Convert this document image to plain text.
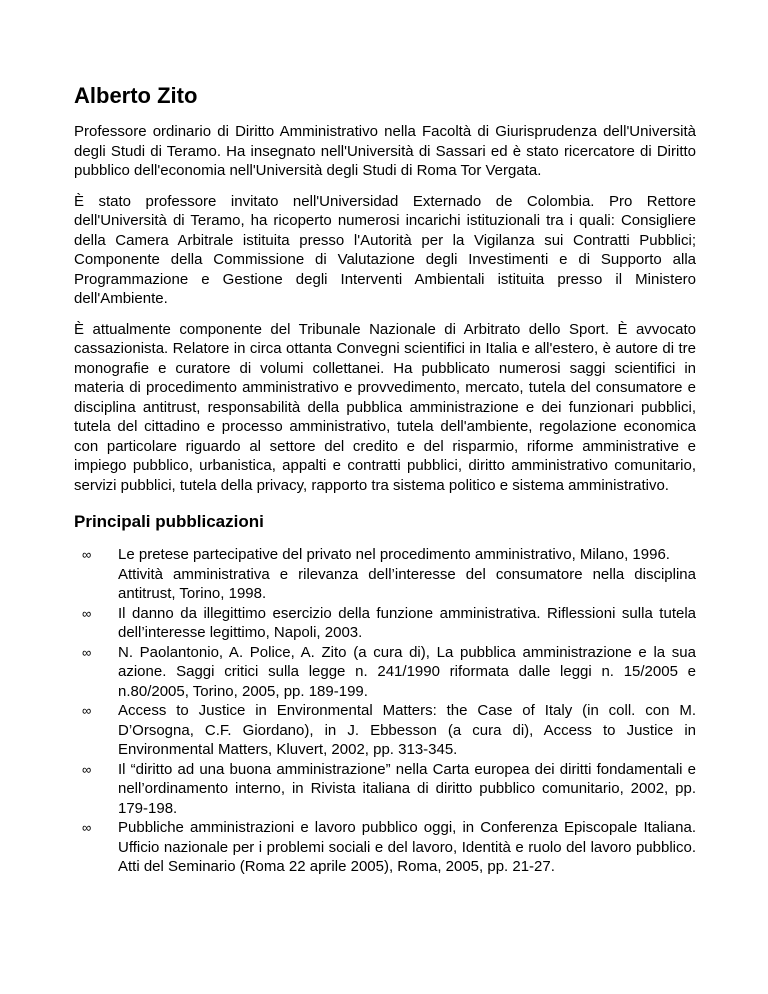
Alberto Zito

Professore ordinario di Diritto Amministrativo nella Facoltà di Giurisprudenza dell'Università degli Studi di Teramo. Ha insegnato nell'Università di Sassari ed è stato ricercatore di Diritto pubblico dell'economia nell'Università degli Studi di Roma Tor Vergata.

È stato professore invitato nell'Universidad Externado de Colombia. Pro Rettore dell'Università di Teramo, ha ricoperto numerosi incarichi istituzionali tra i quali: Consigliere della Camera Arbitrale istituita presso l'Autorità per la Vigilanza sui Contratti Pubblici; Componente della Commissione di Valutazione degli Investimenti e di Supporto alla Programmazione e Gestione degli Interventi Ambientali istituita presso il Ministero dell'Ambiente.

È attualmente componente del Tribunale Nazionale di Arbitrato dello Sport. È avvocato cassazionista. Relatore in circa ottanta Convegni scientifici in Italia e all'estero, è autore di tre monografie e curatore di volumi collettanei. Ha pubblicato numerosi saggi scientifici in materia di procedimento amministrativo e provvedimento, mercato, tutela del consumatore e disciplina antitrust, responsabilità della pubblica amministrazione e dei funzionari pubblici, tutela del cittadino e processo amministrativo, tutela dell'ambiente, regolazione economica con particolare riguardo al settore del credito e del risparmio, riforme amministrative e impiego pubblico, urbanistica, appalti e contratti pubblici, diritto amministrativo comunitario, servizi pubblici, tutela della privacy, rapporto tra sistema politico e sistema amministrativo.

Principali pubblicazioni
∞ Le pretese partecipative del privato nel procedimento amministrativo, Milano, 1996.
Attività amministrativa e rilevanza dell’interesse del consumatore nella disciplina antitrust, Torino, 1998.
∞ Il danno da illegittimo esercizio della funzione amministrativa. Riflessioni sulla tutela dell’interesse legittimo, Napoli, 2003.
∞ N. Paolantonio, A. Police, A. Zito (a cura di), La pubblica amministrazione e la sua azione. Saggi critici sulla legge n. 241/1990 riformata dalle leggi n. 15/2005 e n.80/2005, Torino, 2005, pp. 189-199.
∞ Access to Justice in Environmental Matters: the Case of Italy (in coll. con M. D’Orsogna, C.F. Giordano), in J. Ebbesson (a cura di), Access to Justice in Environmental Matters, Kluvert, 2002, pp. 313-345.
∞ Il “diritto ad una buona amministrazione” nella Carta europea dei diritti fondamentali e nell’ordinamento interno, in Rivista italiana di diritto pubblico comunitario, 2002, pp. 179-198.
∞ Pubbliche amministrazioni e lavoro pubblico oggi, in Conferenza Episcopale Italiana. Ufficio nazionale per i problemi sociali e del lavoro, Identità e ruolo del lavoro pubblico. Atti del Seminario (Roma 22 aprile 2005), Roma, 2005, pp. 21-27.
